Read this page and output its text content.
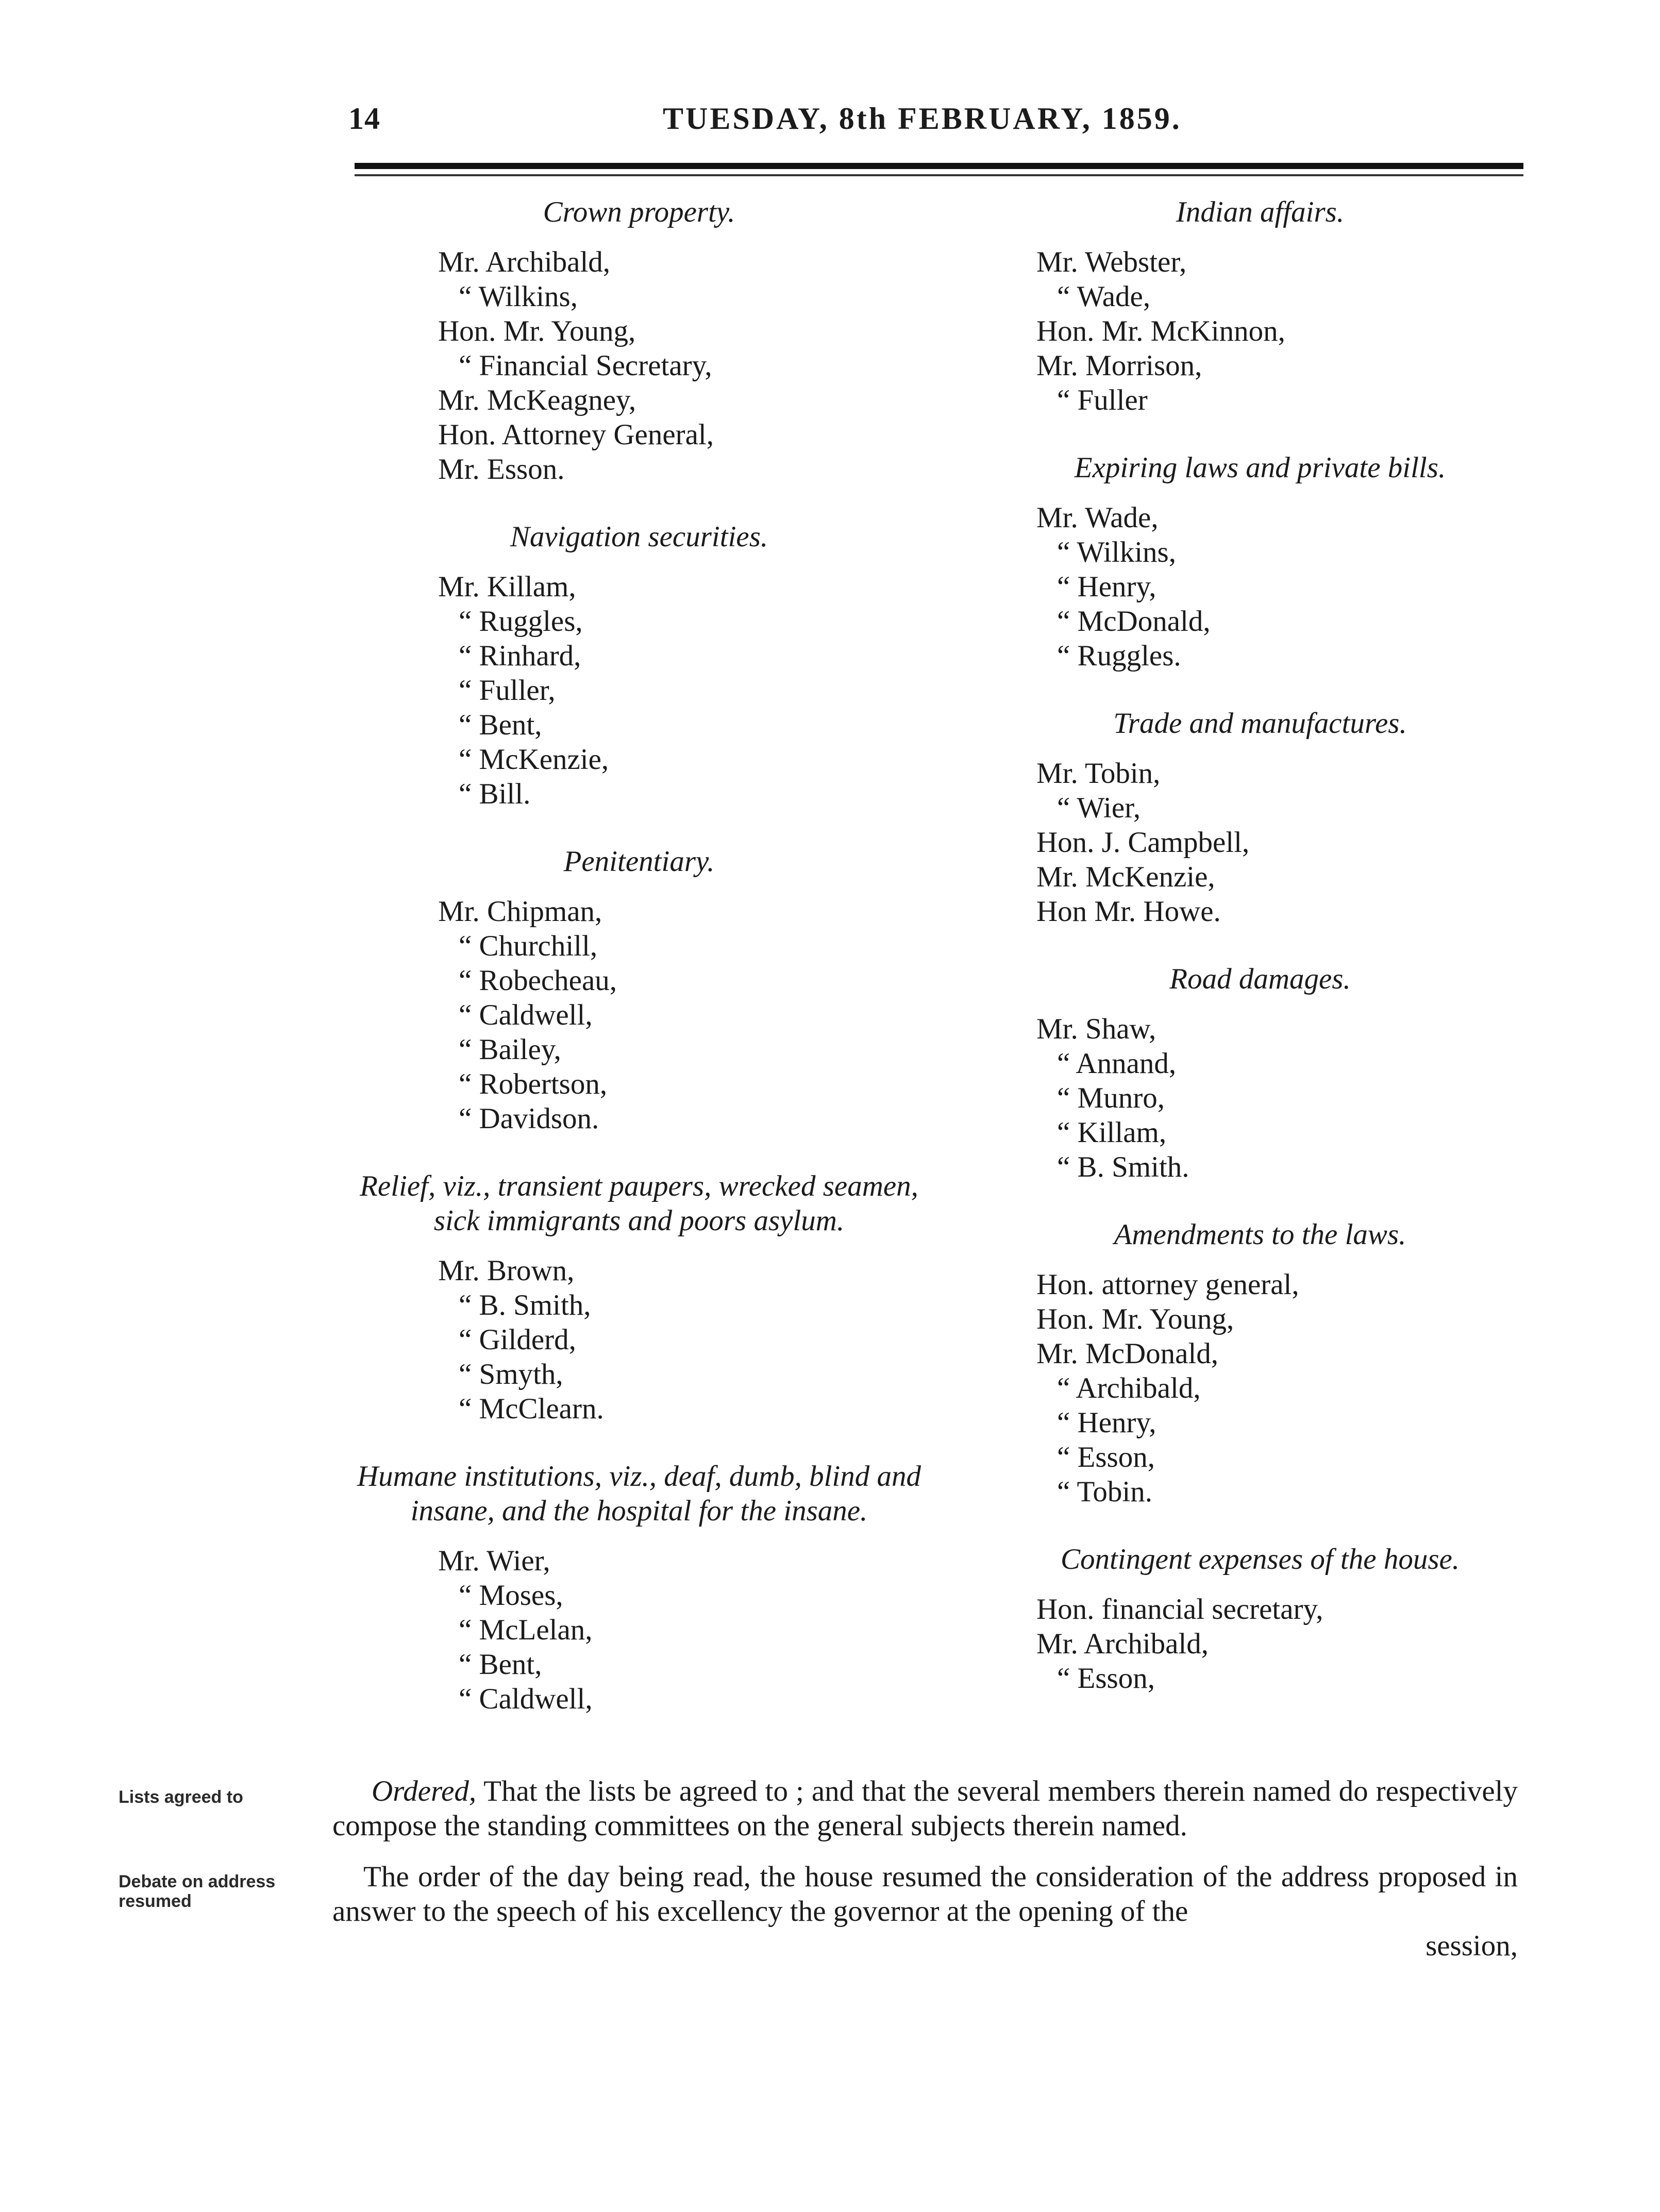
14	TUESDAY, 8th FEBRUARY, 1859.
Crown property.
Mr. Archibald,
“ Wilkins,
Hon. Mr. Young,
“ Financial Secretary,
Mr. McKeagney,
Hon. Attorney General,
Mr. Esson.
Navigation securities.
Mr. Killam,
“ Ruggles,
“ Rinhard,
“ Fuller,
“ Bent,
“ McKenzie,
“ Bill.
Penitentiary.
Mr. Chipman,
“ Churchill,
“ Robecheau,
“ Caldwell,
“ Bailey,
“ Robertson,
“ Davidson.
Relief, viz., transient paupers, wrecked seamen, sick immigrants and poors asylum.
Mr. Brown,
“ B. Smith,
“ Gilderd,
“ Smyth,
“ McClearn.
Humane institutions, viz., deaf, dumb, blind and insane, and the hospital for the insane.
Mr. Wier,
“ Moses,
“ McLelan,
“ Bent,
“ Caldwell,
Indian affairs.
Mr. Webster,
“ Wade,
Hon. Mr. McKinnon,
Mr. Morrison,
“ Fuller
Expiring laws and private bills.
Mr. Wade,
“ Wilkins,
“ Henry,
“ McDonald,
“ Ruggles.
Trade and manufactures.
Mr. Tobin,
“ Wier,
Hon. J. Campbell,
Mr. McKenzie,
Hon Mr. Howe.
Road damages.
Mr. Shaw,
“ Annand,
“ Munro,
“ Killam,
“ B. Smith.
Amendments to the laws.
Hon. attorney general,
Hon. Mr. Young,
Mr. McDonald,
“ Archibald,
“ Henry,
“ Esson,
“ Tobin.
Contingent expenses of the house.
Hon. financial secretary,
Mr. Archibald,
“ Esson,
Lists agreed to
Debate on address
resumed
Ordered, That the lists be agreed to ; and that the several members therein named do respectively compose the standing committees on the general subjects therein named.
The order of the day being read, the house resumed the consideration of the address proposed in answer to the speech of his excellency the governor at the opening of the
session,
